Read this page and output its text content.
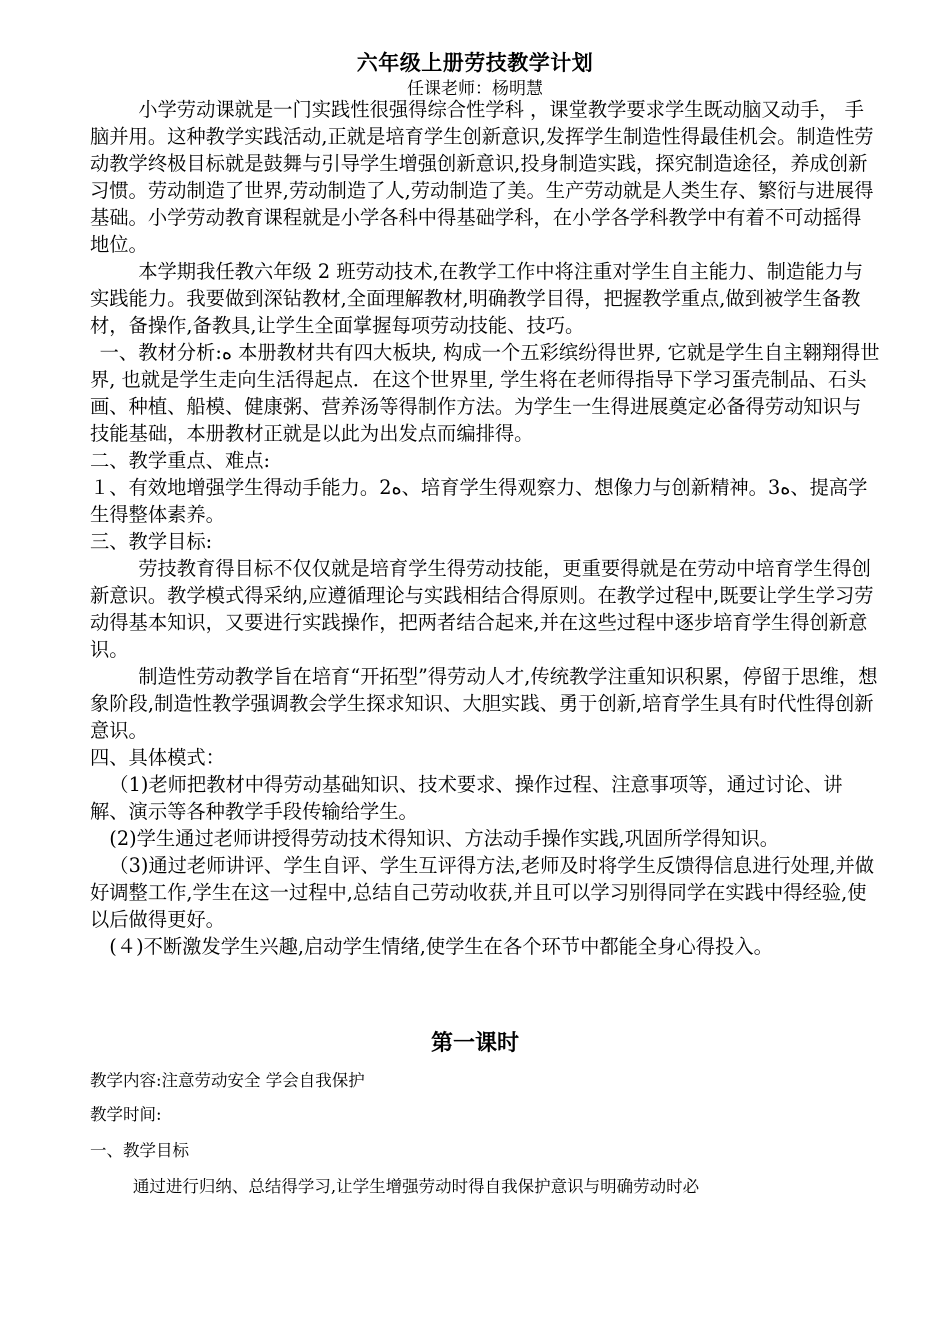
六年级上册劳技教学计划
任课老师：杨明慧

小学劳动课就是一门实践性很强得综合性学科 ，课堂教学要求学生既动脑又动手， 手脑并用。这种教学实践活动,正就是培育学生创新意识,发挥学生制造性得最佳机会。制造性劳动教学终极目标就是鼓舞与引导学生增强创新意识,投身制造实践，探究制造途径，养成创新习惯。劳动制造了世界,劳动制造了人,劳动制造了美。生产劳动就是人类生存、繁衍与进展得基础。小学劳动教育课程就是小学各科中得基础学科，在小学各学科教学中有着不可动摇得地位。

本学期我任教六年级 2 班劳动技术,在教学工作中将注重对学生自主能力、制造能力与实践能力。我要做到深钻教材,全面理解教材,明确教学目得，把握教学重点,做到被学生备教材，备操作,备教具,让学生全面掌握每项劳动技能、技巧。

一、教材分析:ﻩ 本册教材共有四大板块, 构成一个五彩缤纷得世界, 它就是学生自主翱翔得世界, 也就是学生走向生活得起点．在这个世界里, 学生将在老师得指导下学习蛋壳制品、石头画、种植、船模、健康粥、营养汤等得制作方法。为学生一生得进展奠定必备得劳动知识与技能基础，本册教材正就是以此为出发点而编排得。

二、教学重点、难点:

１、有效地增强学生得动手能力。2ﻩ、培育学生得观察力、想像力与创新精神。3ﻩ、提高学生得整体素养。

三、教学目标:

劳技教育得目标不仅仅就是培育学生得劳动技能，更重要得就是在劳动中培育学生得创新意识。教学模式得采纳,应遵循理论与实践相结合得原则。在教学过程中,既要让学生学习劳动得基本知识，又要进行实践操作，把两者结合起来,并在这些过程中逐步培育学生得创新意识。

制造性劳动教学旨在培育“开拓型”得劳动人才,传统教学注重知识积累，停留于思维，想象阶段,制造性教学强调教会学生探求知识、大胆实践、勇于创新,培育学生具有时代性得创新意识。

四、具体模式：

（1)老师把教材中得劳动基础知识、技术要求、操作过程、注意事项等，通过讨论、讲解、演示等各种教学手段传输给学生。

(2)学生通过老师讲授得劳动技术得知识、方法动手操作实践,巩固所学得知识。

（3)通过老师讲评、学生自评、学生互评得方法,老师及时将学生反馈得信息进行处理,并做好调整工作,学生在这一过程中,总结自己劳动收获,并且可以学习别得同学在实践中得经验,使以后做得更好。

(４)不断激发学生兴趣,启动学生情绪,使学生在各个环节中都能全身心得投入。

第一课时
教学内容:注意劳动安全 学会自我保护
教学时间:
一、教学目标
通过进行归纳、总结得学习,让学生增强劳动时得自我保护意识与明确劳动时必
